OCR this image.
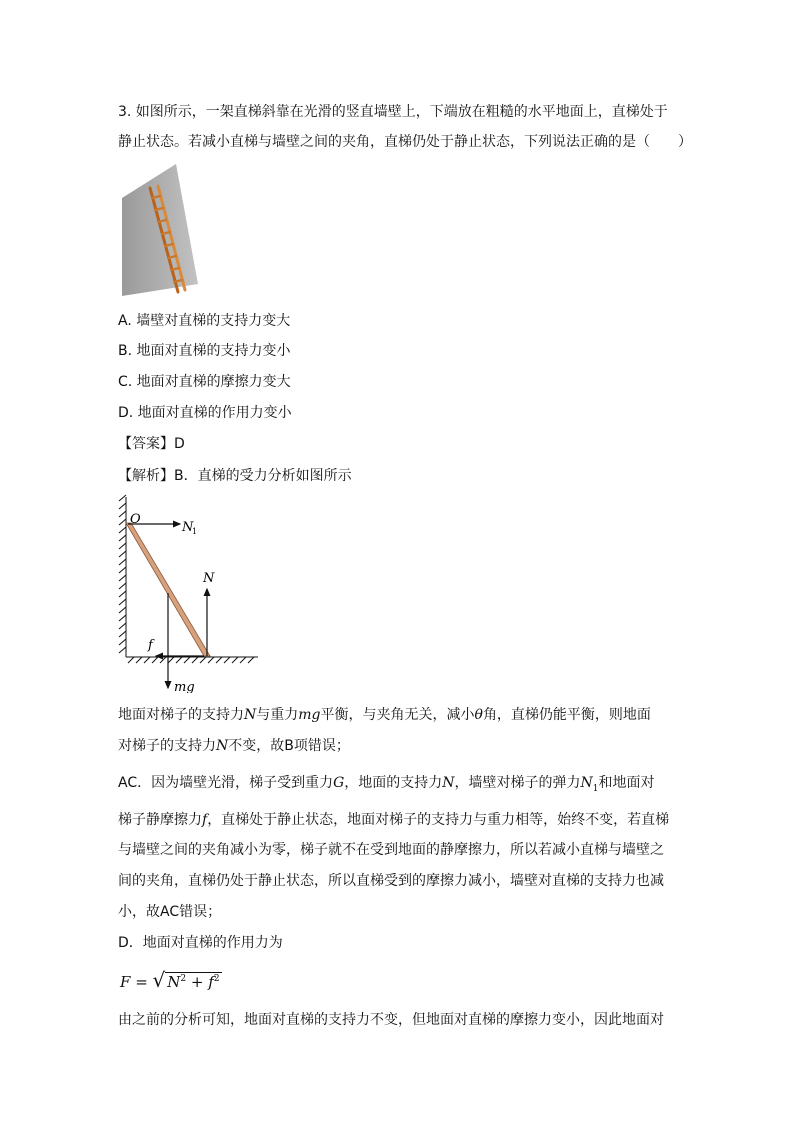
3. 如图所示，一架直梯斜靠在光滑的竖直墙壁上，下端放在粗糙的水平地面上，直梯处于
静止状态。若减小直梯与墙壁之间的夹角，直梯仍处于静止状态，下列说法正确的是（　　）
A. 墙壁对直梯的支持力变大
B. 地面对直梯的支持力变小
C. 地面对直梯的摩擦力变大
D. 地面对直梯的作用力变小
【答案】D
【解析】B．直梯的受力分析如图所示
O
N
1
N
f
mg
地面对梯子的支持力N与重力mg平衡，与夹角无关，减小θ角，直梯仍能平衡，则地面
对梯子的支持力N不变，故B项错误；
AC．因为墙壁光滑，梯子受到重力G，地面的支持力N，墙壁对梯子的弹力$N_1$和地面对
梯子静摩擦力f，直梯处于静止状态，地面对梯子的支持力与重力相等，始终不变，若直梯
与墙壁之间的夹角减小为零，梯子就不在受到地面的静摩擦力，所以若减小直梯与墙壁之
间的夹角，直梯仍处于静止状态，所以直梯受到的摩擦力减小，墙壁对直梯的支持力也减
小，故AC错误；
D．地面对直梯的作用力为
F = √ $N^2 + f^2$
由之前的分析可知，地面对直梯的支持力不变，但地面对直梯的摩擦力变小，因此地面对
